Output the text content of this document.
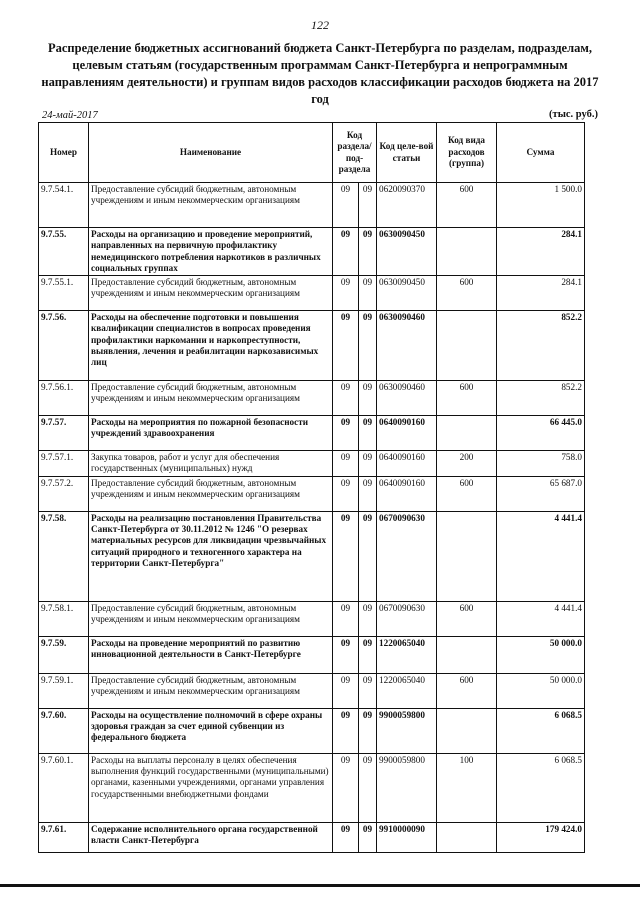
122
Распределение бюджетных ассигнований бюджета Санкт-Петербурга по разделам, подразделам, целевым статьям (государственным программам Санкт-Петербурга и непрограммным направлениям деятельности) и группам видов расходов классификации расходов бюджета на 2017 год
24-май-2017	(тыс. руб.)
Номер	Наименование	Код раздела/ под-раздела		Код целе-вой статьи	Код вида расходов (группа)	Сумма
9.7.54.1.	Предоставление субсидий бюджетным, автономным учреждениям и иным некоммерческим организациям	09	09	0620090370	600	1 500.0
9.7.55.	Расходы на организацию и проведение мероприятий, направленных на первичную профилактику немедицинского потребления наркотиков в различных социальных группах	09	09	0630090450		284.1
9.7.55.1.	Предоставление субсидий бюджетным, автономным учреждениям и иным некоммерческим организациям	09	09	0630090450	600	284.1
9.7.56.	Расходы на обеспечение подготовки и повышения квалификации специалистов в вопросах проведения профилактики наркомании и наркопреступности, выявления, лечения и реабилитации наркозависимых лиц	09	09	0630090460		852.2
9.7.56.1.	Предоставление субсидий бюджетным, автономным учреждениям и иным некоммерческим организациям	09	09	0630090460	600	852.2
9.7.57.	Расходы на мероприятия по пожарной безопасности учреждений здравоохранения	09	09	0640090160		66 445.0
9.7.57.1.	Закупка товаров, работ и услуг для обеспечения государственных (муниципальных) нужд	09	09	0640090160	200	758.0
9.7.57.2.	Предоставление субсидий бюджетным, автономным учреждениям и иным некоммерческим организациям	09	09	0640090160	600	65 687.0
9.7.58.	Расходы на реализацию постановления Правительства Санкт-Петербурга от 30.11.2012 № 1246 "О резервах материальных ресурсов для ликвидации чрезвычайных ситуаций природного и техногенного характера на территории Санкт-Петербурга"	09	09	0670090630		4 441.4
9.7.58.1.	Предоставление субсидий бюджетным, автономным учреждениям и иным некоммерческим организациям	09	09	0670090630	600	4 441.4
9.7.59.	Расходы на проведение мероприятий по развитию инновационной деятельности в Санкт-Петербурге	09	09	1220065040		50 000.0
9.7.59.1.	Предоставление субсидий бюджетным, автономным учреждениям и иным некоммерческим организациям	09	09	1220065040	600	50 000.0
9.7.60.	Расходы на осуществление полномочий в сфере охраны здоровья граждан за счет единой субвенции из федерального бюджета	09	09	9900059800		6 068.5
9.7.60.1.	Расходы на выплаты персоналу в целях обеспечения выполнения функций государственными (муниципальными) органами, казенными учреждениями, органами управления государственными внебюджетными фондами	09	09	9900059800	100	6 068.5
9.7.61.	Содержание исполнительного органа государственной власти Санкт-Петербурга	09	09	9910000090		179 424.0
